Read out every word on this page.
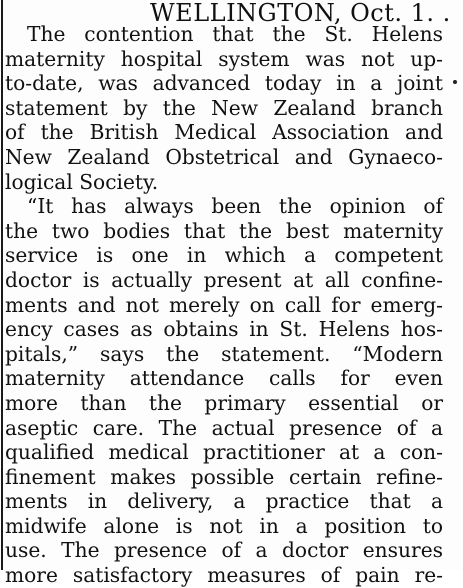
WELLINGTON, Oct. 1. .
The contention that the St. Helens
maternity hospital system was not up-
to-date, was advanced today in a joint
statement by the New Zealand branch
of the British Medical Association and
New Zealand Obstetrical and Gynaeco-
logical Society.
“It has always been the opinion of
the two bodies that the best maternity
service is one in which a competent
doctor is actually present at all confine-
ments and not merely on call for emerg-
ency cases as obtains in St. Helens hos-
pitals,” says the statement. “Modern
maternity attendance calls for even
more than the primary essential or
aseptic care. The actual presence of a
qualified medical practitioner at a con-
finement makes possible certain refine-
ments in delivery, a practice that a
midwife alone is not in a position to
use. The presence of a doctor ensures
more satisfactory measures of pain re-
